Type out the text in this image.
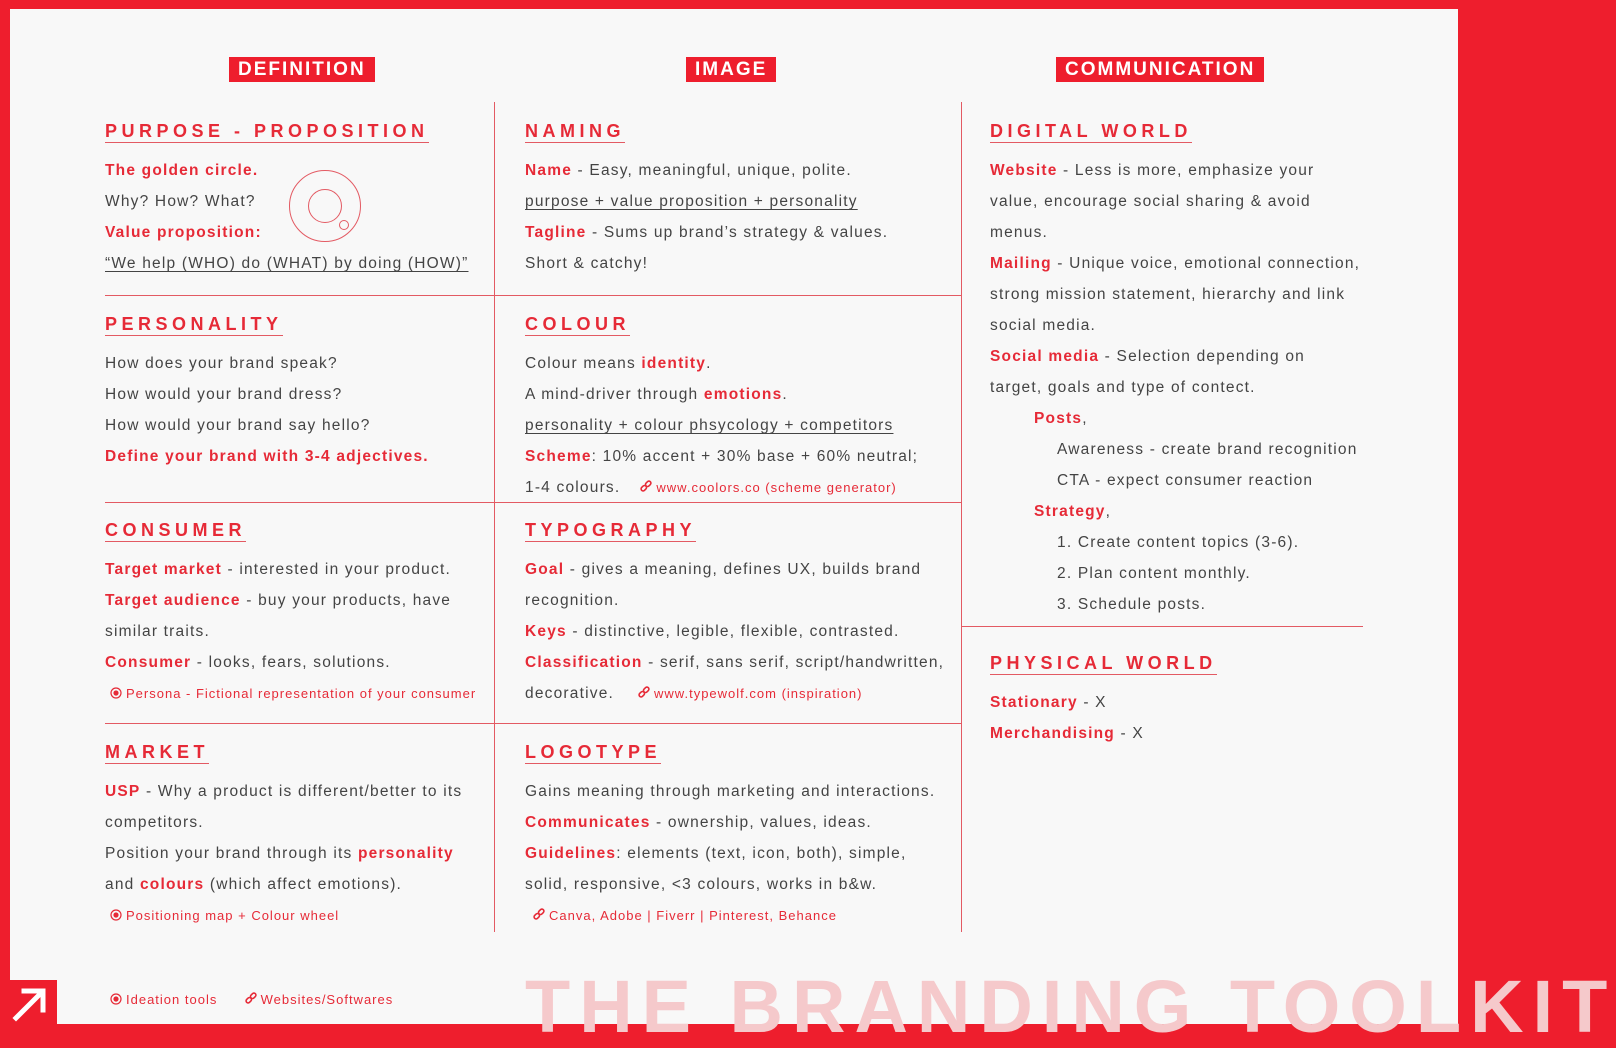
DEFINITION	IMAGE	COMMUNICATION
PURPOSE - PROPOSITION
The golden circle.
Why? How? What?
Value proposition:
“We help (WHO) do (WHAT) by doing (HOW)”
PERSONALITY
How does your brand speak?
How would your brand dress?
How would your brand say hello?
Define your brand with 3-4 adjectives.
CONSUMER
Target market - interested in your product.
Target audience - buy your products, have
similar traits.
Consumer - looks, fears, solutions.
Persona - Fictional representation of your consumer
MARKET
USP - Why a product is different/better to its
competitors.
Position your brand through its personality
and colours (which affect emotions).
Positioning map + Colour wheel
NAMING
Name - Easy, meaningful, unique, polite.
purpose + value proposition + personality
Tagline - Sums up brand’s strategy & values.
Short & catchy!
COLOUR
Colour means identity.
A mind-driver through emotions.
personality + colour phsycology + competitors
Scheme: 10% accent + 30% base + 60% neutral;
1-4 colours.	www.coolors.co (scheme generator)
TYPOGRAPHY
Goal - gives a meaning, defines UX, builds brand
recognition.
Keys - distinctive, legible, flexible, contrasted.
Classification - serif, sans serif, script/handwritten,
decorative.	www.typewolf.com (inspiration)
LOGOTYPE
Gains meaning through marketing and interactions.
Communicates - ownership, values, ideas.
Guidelines: elements (text, icon, both), simple,
solid, responsive, <3 colours, works in b&w.
Canva, Adobe | Fiverr | Pinterest, Behance
DIGITAL WORLD
Website - Less is more, emphasize your
value, encourage social sharing & avoid
menus.
Mailing - Unique voice, emotional connection,
strong mission statement, hierarchy and link
social media.
Social media - Selection depending on
target, goals and type of contect.
Posts,
Awareness - create brand recognition
CTA - expect consumer reaction
Strategy,
1. Create content topics (3-6).
2. Plan content monthly.
3. Schedule posts.
PHYSICAL WORLD
Stationary - X
Merchandising - X
Ideation tools	Websites/Softwares THE BRANDING TOOLKIT
